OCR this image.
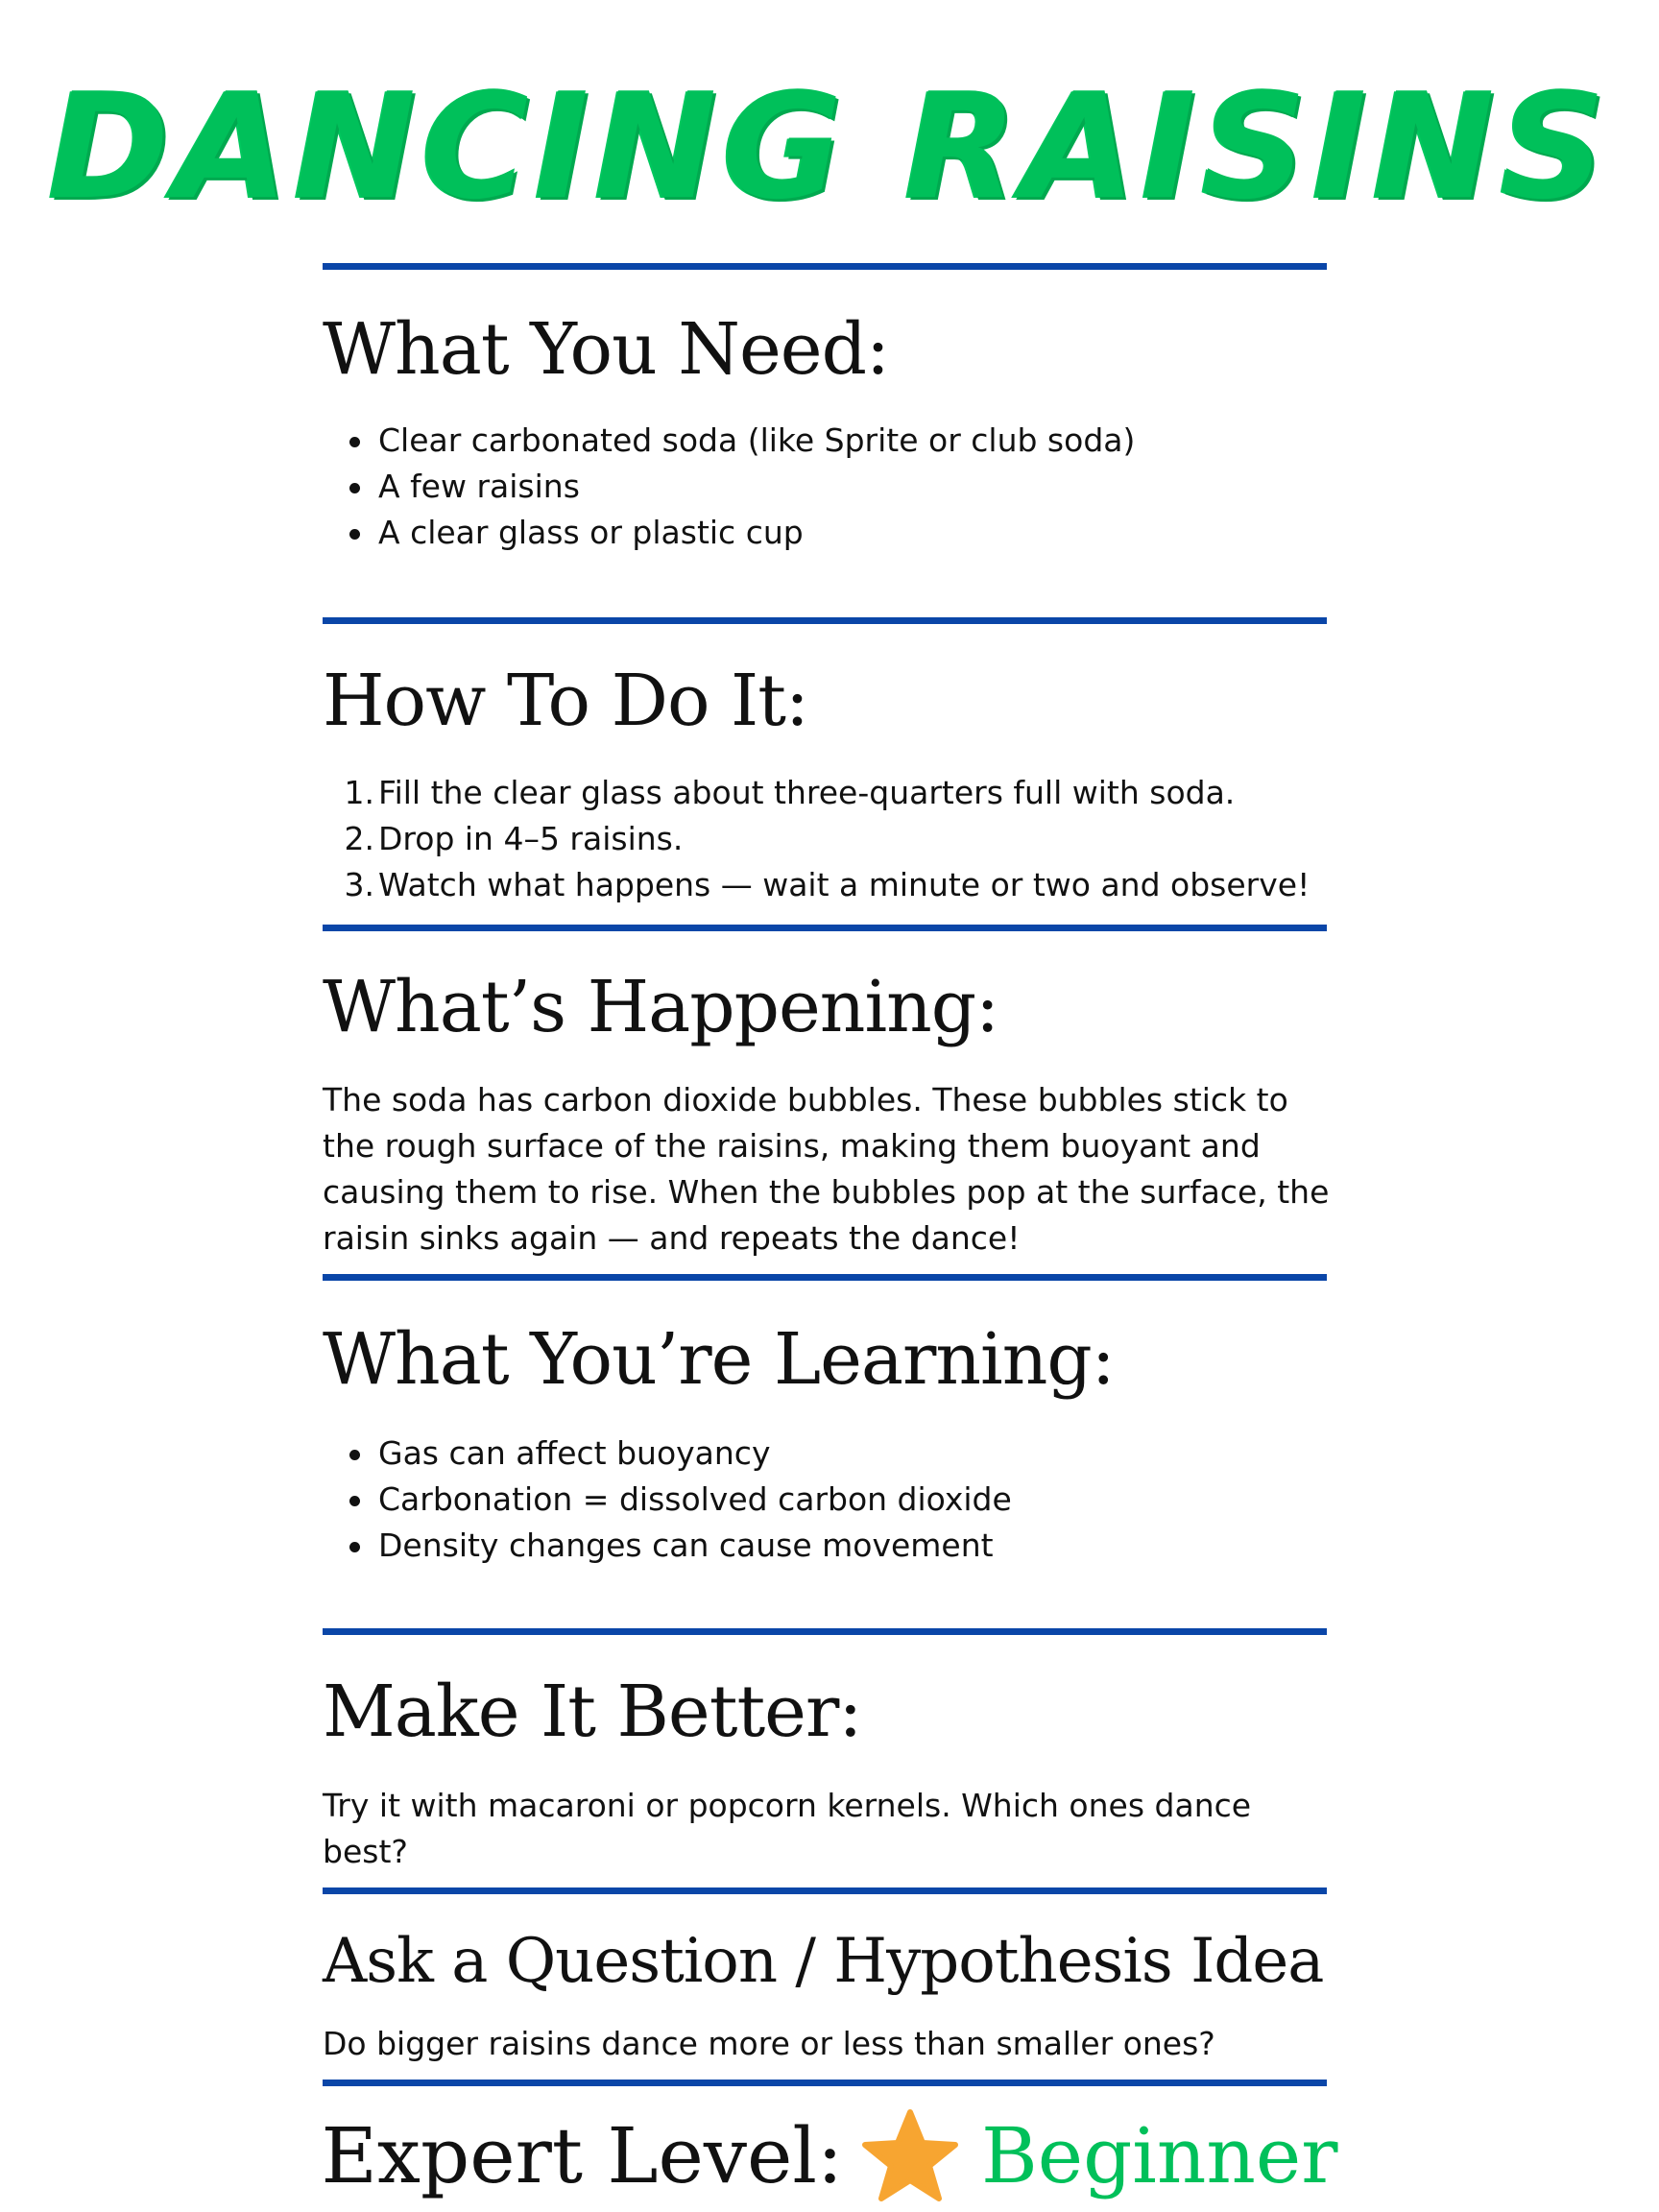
DANCING RAISINS
What You Need:
Clear carbonated soda (like Sprite or club soda)
A few raisins
A clear glass or plastic cup
How To Do It:
1. Fill the clear glass about three-quarters full with soda.
2. Drop in 4–5 raisins.
3. Watch what happens — wait a minute or two and observe!
What’s Happening:
The soda has carbon dioxide bubbles. These bubbles stick to the rough surface of the raisins, making them buoyant and causing them to rise. When the bubbles pop at the surface, the raisin sinks again — and repeats the dance!
What You’re Learning:
Gas can affect buoyancy
Carbonation = dissolved carbon dioxide
Density changes can cause movement
Make It Better:
Try it with macaroni or popcorn kernels. Which ones dance best?
Ask a Question / Hypothesis Idea
Do bigger raisins dance more or less than smaller ones?
Expert Level: Beginner
